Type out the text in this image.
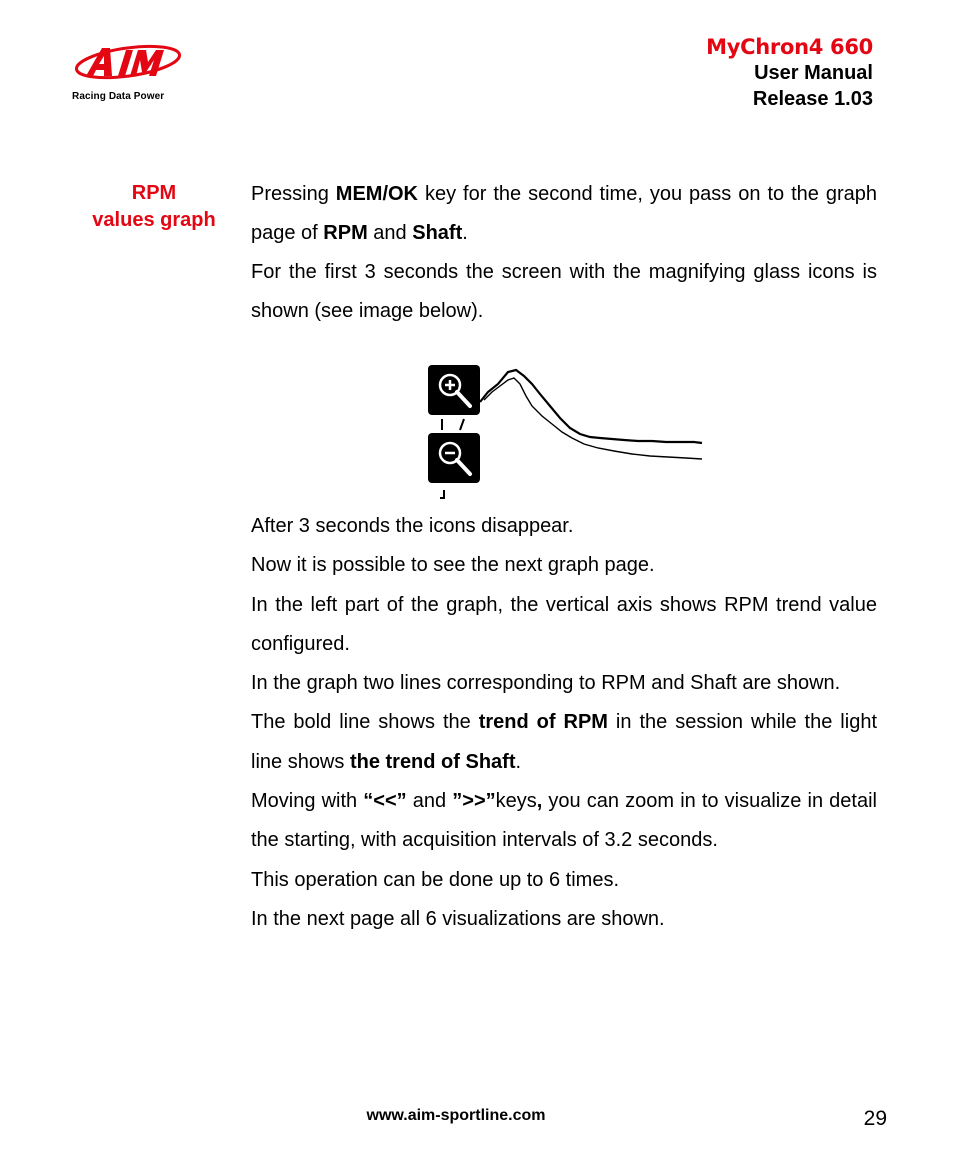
Racing Data Power
MyChron4 660
User Manual
Release 1.03
RPM
values graph

Pressing MEM/OK key for the second time, you pass on to the graph page of RPM and Shaft.

For the first 3 seconds the screen with the magnifying glass icons is shown (see image below).

After 3 seconds the icons disappear.

Now it is possible to see the next graph page.

In the left part of the graph, the vertical axis shows RPM trend value configured.

In the graph two lines corresponding to RPM and Shaft are shown.

The bold line shows the trend of RPM in the session while the light line shows the trend of Shaft.

Moving with “<<” and ”>>”keys, you can zoom in to visualize in detail the starting, with acquisition intervals of 3.2 seconds.

This operation can be done up to 6 times.

In the next page all 6 visualizations are shown.

www.aim-sportline.com	29
